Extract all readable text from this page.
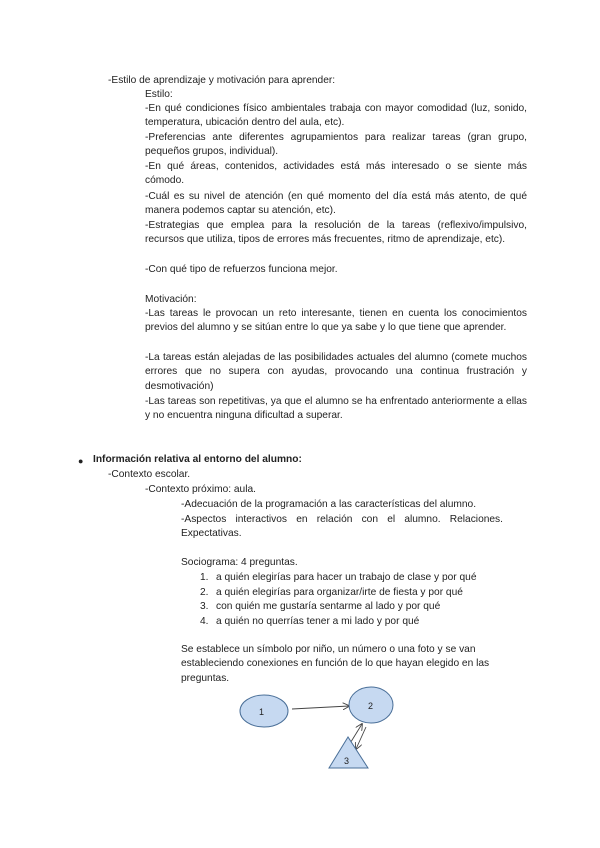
-Estilo de aprendizaje y motivación para aprender:
Estilo:
-En qué condiciones físico ambientales trabaja con mayor comodidad (luz, sonido, temperatura, ubicación dentro del aula, etc).
-Preferencias ante diferentes agrupamientos para realizar tareas (gran grupo, pequeños grupos, individual).
-En qué áreas, contenidos, actividades está más interesado o se siente más cómodo.
-Cuál es su nivel de atención (en qué momento del día está más atento, de qué manera podemos captar su atención, etc).
-Estrategias que emplea para la resolución de la tareas (reflexivo/impulsivo, recursos que utiliza, tipos de errores más frecuentes, ritmo de aprendizaje, etc).
-Con qué tipo de refuerzos funciona mejor.
Motivación:
-Las tareas le provocan un reto interesante, tienen en cuenta los conocimientos previos del alumno y se sitúan entre lo que ya sabe y lo que tiene que aprender.
-La tareas están alejadas de las posibilidades actuales del alumno (comete muchos errores que no supera con ayudas, provocando una continua frustración y desmotivación)
-Las tareas son repetitivas, ya que el alumno se ha enfrentado anteriormente a ellas y no encuentra ninguna dificultad a superar.
● Información relativa al entorno del alumno:
-Contexto escolar.
-Contexto próximo: aula.
-Adecuación de la programación a las características del alumno.
-Aspectos interactivos en relación con el alumno. Relaciones. Expectativas.
Sociograma: 4 preguntas.
1. a quién elegirías para hacer un trabajo de clase y por qué
2. a quién elegirías para organizar/irte de fiesta y por qué
3. con quién me gustaría sentarme al lado y por qué
4. a quién no querrías tener a mi lado y por qué
Se establece un símbolo por niño, un número o una foto y se van estableciendo conexiones en función de lo que hayan elegido en las preguntas.
1
2
3
